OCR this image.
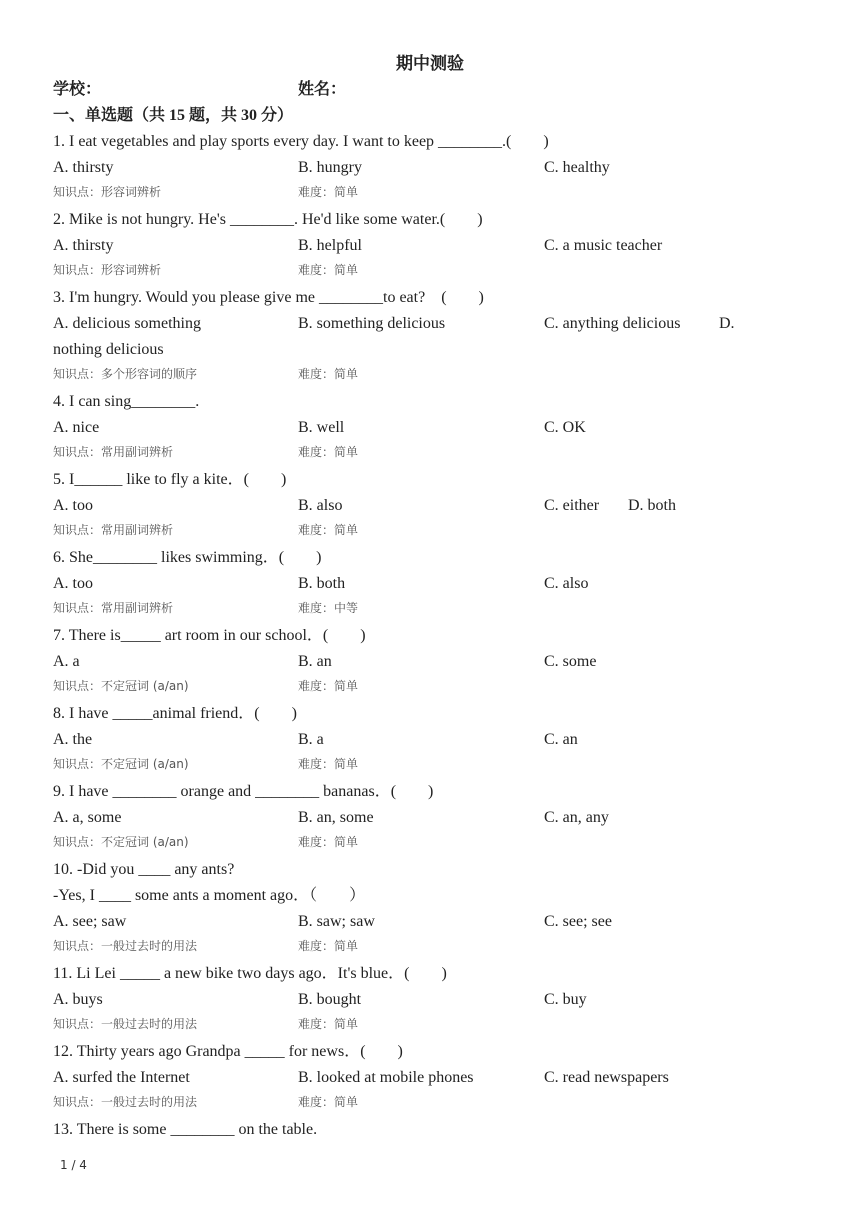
期中测验
学校：	姓名：
一、单选题（共 15 题，共 30 分）
1. I eat vegetables and play sports every day. I want to keep ________.(　　)
A. thirsty	B. hungry	C. healthy
知识点：形容词辨析	难度：简单
2. Mike is not hungry. He's ________. He'd like some water.(　　)
A. thirsty	B. helpful	C. a music teacher
知识点：形容词辨析	难度：简单
3. I'm hungry. Would you please give me ________to eat?　(　　)
A. delicious something	B. something delicious	C. anything delicious D.
nothing delicious
知识点：多个形容词的顺序	难度：简单
4. I can sing________.
A. nice	B. well	C. OK
知识点：常用副词辨析	难度：简单
5. I______ like to fly a kite．(　　)
A. too	B. also	C. either D. both
知识点：常用副词辨析	难度：简单
6. She________ likes swimming．(　　)
A. too	B. both	C. also
知识点：常用副词辨析	难度：中等
7. There is_____ art room in our school．(　　)
A. a	B. an	C. some
知识点：不定冠词 (a/an)	难度：简单
8. I have _____animal friend．(　　)
A. the	B. a	C. an
知识点：不定冠词 (a/an)	难度：简单
9. I have ________ orange and ________ bananas．(　　)
A. a, some	B. an, some	C. an, any
知识点：不定冠词 (a/an)	难度：简单
10. -Did you ____ any ants?
-Yes, I ____ some ants a moment ago．（　　）
A. see; saw	B. saw; saw	C. see; see
知识点：一般过去时的用法	难度：简单
11. Li Lei _____ a new bike two days ago．It's blue．(　　)
A. buys	B. bought	C. buy
知识点：一般过去时的用法	难度：简单
12. Thirty years ago Grandpa _____ for news．(　　)
A. surfed the Internet	B. looked at mobile phones	C. read newspapers
知识点：一般过去时的用法	难度：简单
13. There is some ________ on the table.
1 / 4
